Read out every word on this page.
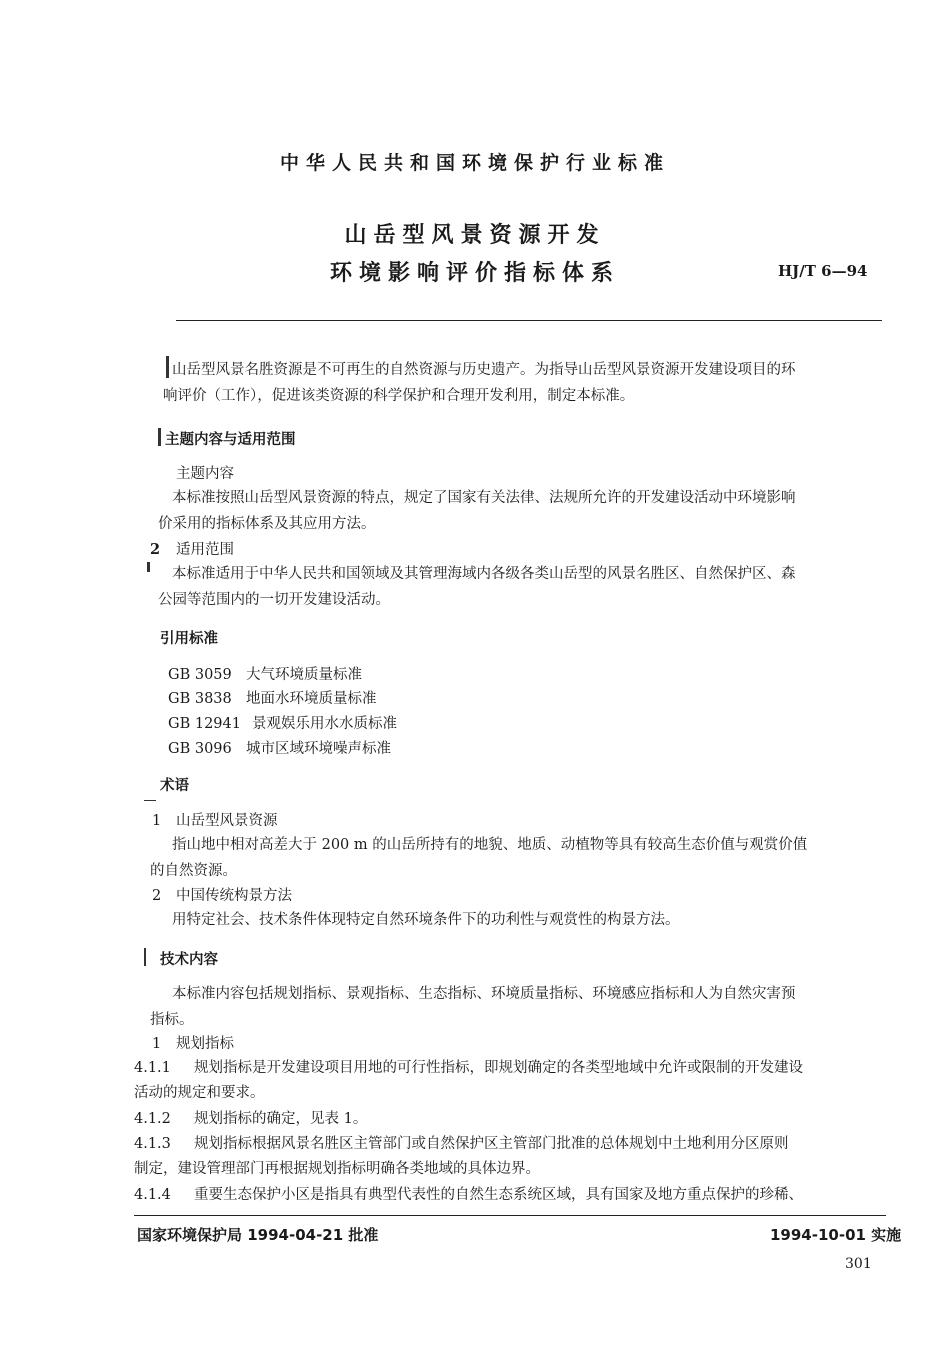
中华人民共和国环境保护行业标准
山岳型风景资源开发
环境影响评价指标体系	HJ/T 6—94
山岳型风景名胜资源是不可再生的自然资源与历史遗产。为指导山岳型风景资源开发建设项目的环
响评价（工作），促进该类资源的科学保护和合理开发利用，制定本标准。
主题内容与适用范围
主题内容
本标准按照山岳型风景资源的特点，规定了国家有关法律、法规所允许的开发建设活动中环境影响
价采用的指标体系及其应用方法。
2 适用范围
本标准适用于中华人民共和国领域及其管理海域内各级各类山岳型的风景名胜区、自然保护区、森
公园等范围内的一切开发建设活动。
引用标准
GB 3059 大气环境质量标准
GB 3838 地面水环境质量标准
GB 12941 景观娱乐用水水质标准
GB 3096 城市区域环境噪声标准
术语
1 山岳型风景资源
指山地中相对高差大于 200 m 的山岳所持有的地貌、地质、动植物等具有较高生态价值与观赏价值
的自然资源。
2 中国传统构景方法
用特定社会、技术条件体现特定自然环境条件下的功利性与观赏性的构景方法。
技术内容
本标准内容包括规划指标、景观指标、生态指标、环境质量指标、环境感应指标和人为自然灾害预
指标。
1 规划指标
4.1.1 规划指标是开发建设项目用地的可行性指标，即规划确定的各类型地域中允许或限制的开发建设
活动的规定和要求。
4.1.2 规划指标的确定，见表 1。
4.1.3 规划指标根据风景名胜区主管部门或自然保护区主管部门批准的总体规划中土地利用分区原则
制定，建设管理部门再根据规划指标明确各类地域的具体边界。
4.1.4 重要生态保护小区是指具有典型代表性的自然生态系统区域，具有国家及地方重点保护的珍稀、
国家环境保护局 1994-04-21 批准	1994-10-01 实施
301
